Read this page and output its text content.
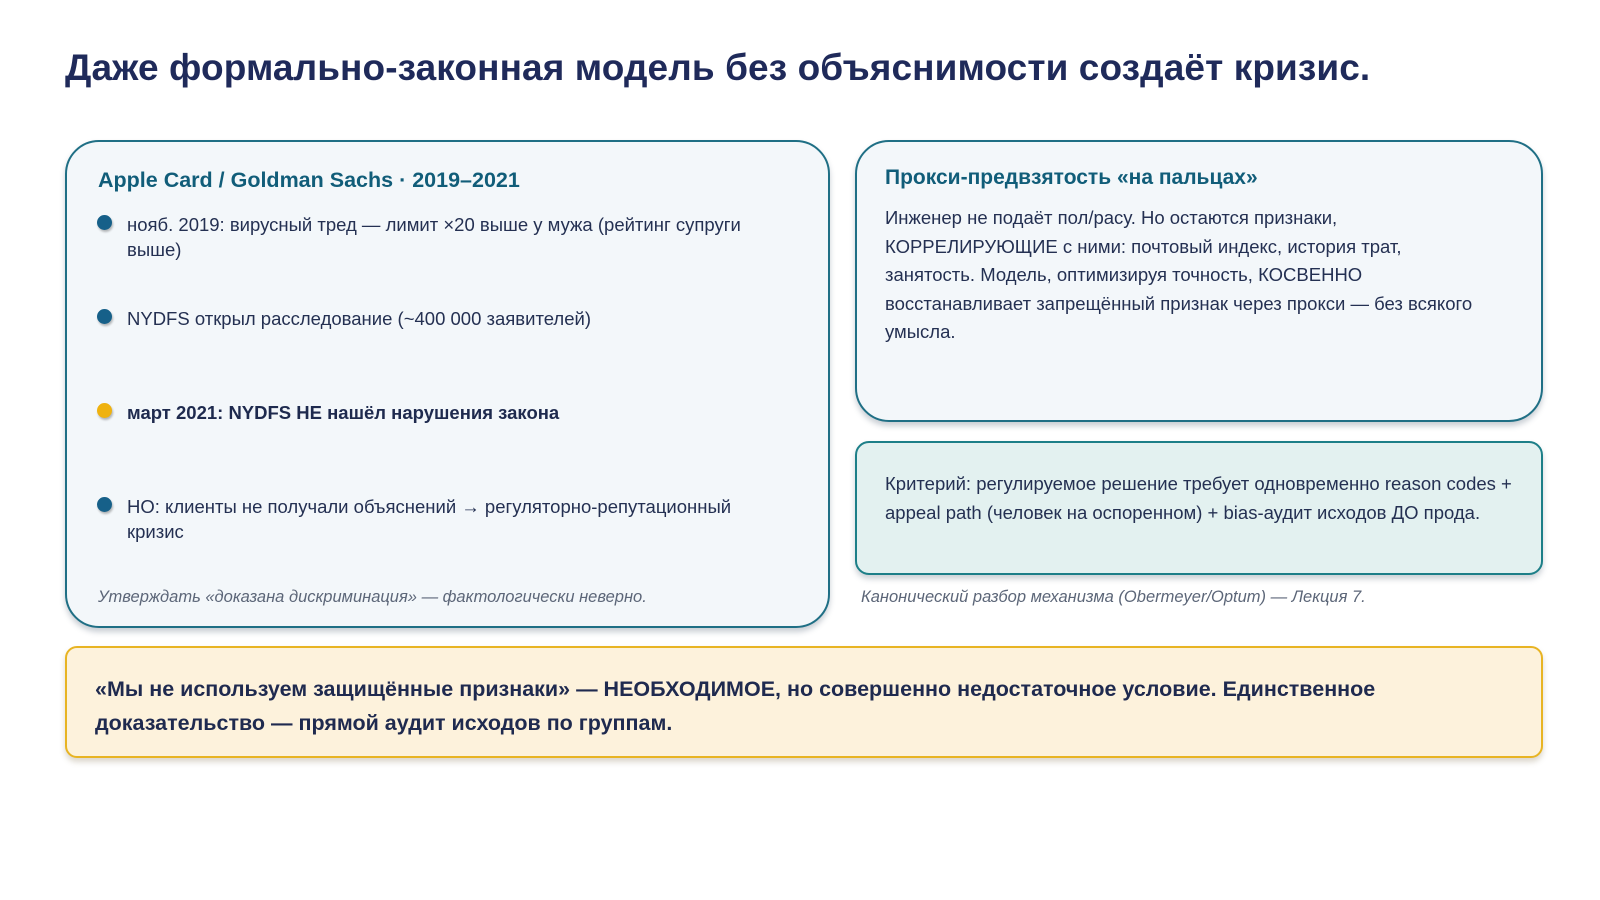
Даже формально-законная модель без объяснимости создаёт кризис.
Apple Card / Goldman Sachs · 2019–2021
нояб. 2019: вирусный тред — лимит ×20 выше у мужа (рейтинг супруги выше)
NYDFS открыл расследование (~400 000 заявителей)
март 2021: NYDFS НЕ нашёл нарушения закона
НО: клиенты не получали объяснений → регуляторно-репутационный кризис
Утверждать «доказана дискриминация» — фактологически неверно.
Прокси-предвзятость «на пальцах»

Инженер не подаёт пол/расу. Но остаются признаки, КОРРЕЛИРУЮЩИЕ с ними: почтовый индекс, история трат, занятость. Модель, оптимизируя точность, КОСВЕННО восстанавливает запрещённый признак через прокси — без всякого умысла.

Критерий: регулируемое решение требует одновременно reason codes + appeal path (человек на оспоренном) + bias-аудит исходов ДО прода.

Канонический разбор механизма (Obermeyer/Optum) — Лекция 7.

«Мы не используем защищённые признаки» — НЕОБХОДИМОЕ, но совершенно недостаточное условие. Единственное доказательство — прямой аудит исходов по группам.
